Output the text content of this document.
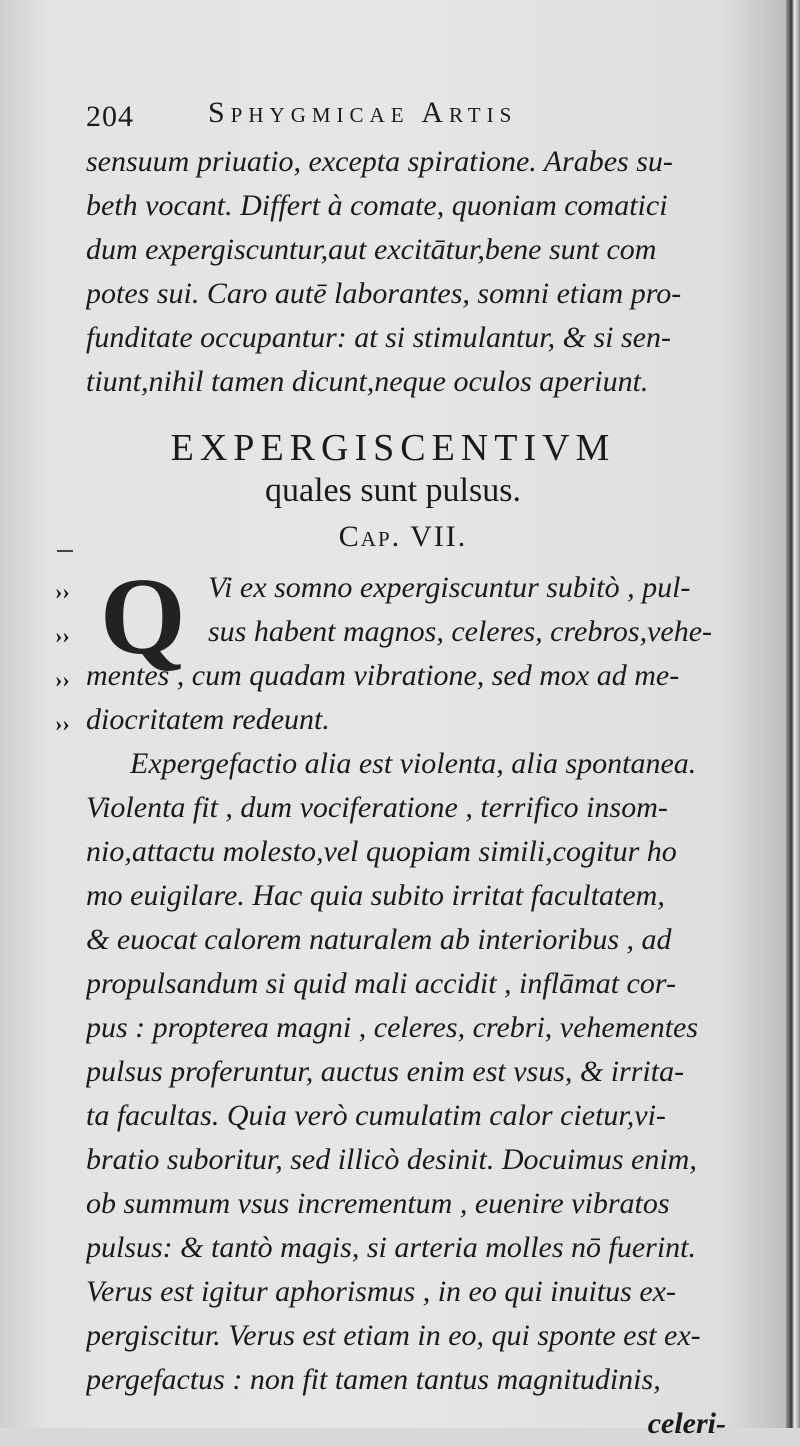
204 Sphygmicae Artis
sensuum priuatio, excepta spiratione. Arabes su-
beth vocant. Differt à comate, quoniam comatici
dum expergiscuntur,aut excitātur,bene sunt com
potes sui. Caro autē laborantes, somni etiam pro-
funditate occupantur: at si stimulantur, & si sen-
tiunt,nihil tamen dicunt,neque oculos aperiunt.
EXPERGISCENTIVM
quales sunt pulsus.
Cap. VII.
››
››
››
››
Q Vi ex somno expergiscuntur subitò , pul-
sus habent magnos, celeres, crebros,vehe-
mentes , cum quadam vibratione, sed mox ad me-
diocritatem redeunt.
Expergefactio alia est violenta, alia spontanea.
Violenta fit , dum vociferatione , terrifico insom-
nio,attactu molesto,vel quopiam simili,cogitur ho
mo euigilare. Hac quia subito irritat facultatem,
& euocat calorem naturalem ab interioribus , ad
propulsandum si quid mali accidit , inflāmat cor-
pus : propterea magni , celeres, crebri, vehementes
pulsus proferuntur, auctus enim est vsus, & irrita-
ta facultas. Quia verò cumulatim calor cietur,vi-
bratio suboritur, sed illicò desinit. Docuimus enim,
ob summum vsus incrementum , euenire vibratos
pulsus: & tantò magis, si arteria molles nō fuerint.
Verus est igitur aphorismus , in eo qui inuitus ex-
pergiscitur. Verus est etiam in eo, qui sponte est ex-
pergefactus : non fit tamen tantus magnitudinis,
celeri-
